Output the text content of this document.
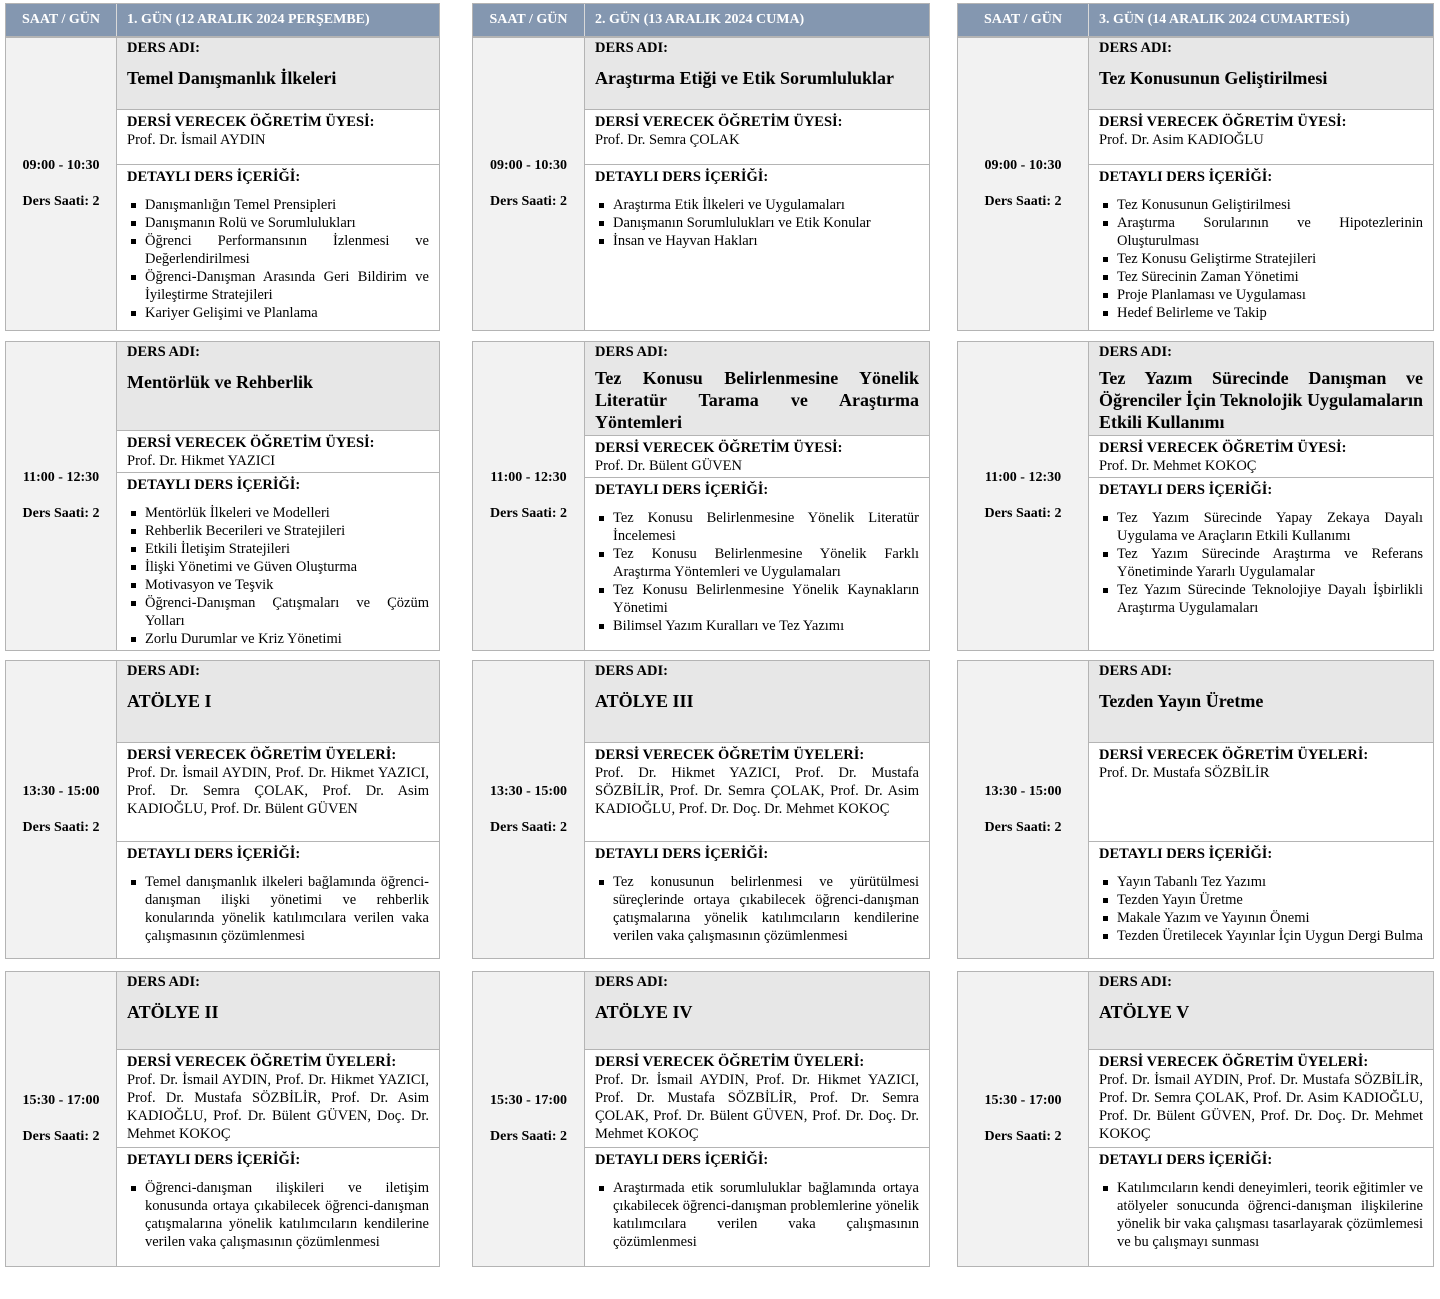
SAAT / GÜN	1. GÜN (12 ARALIK 2024 PERŞEMBE)	SAAT / GÜN	2. GÜN (13 ARALIK 2024 CUMA)	SAAT / GÜN	3. GÜN (14 ARALIK 2024 CUMARTESİ)
09:00 - 10:30
Ders Saati: 2
DERS ADI:
Temel Danışmanlık İlkeleri
DERSİ VERECEK ÖĞRETİM ÜYESİ:
Prof. Dr. İsmail AYDIN
DETAYLI DERS İÇERİĞİ:
Danışmanlığın Temel Prensipleri
Danışmanın Rolü ve Sorumlulukları
Öğrenci Performansının İzlenmesi ve Değerlendirilmesi
Öğrenci-Danışman Arasında Geri Bildirim ve İyileştirme Stratejileri
Kariyer Gelişimi ve Planlama
11:00 - 12:30
Ders Saati: 2
DERS ADI:
Mentörlük ve Rehberlik
DERSİ VERECEK ÖĞRETİM ÜYESİ:
Prof. Dr. Hikmet YAZICI
DETAYLI DERS İÇERİĞİ:
Mentörlük İlkeleri ve Modelleri
Rehberlik Becerileri ve Stratejileri
Etkili İletişim Stratejileri
İlişki Yönetimi ve Güven Oluşturma
Motivasyon ve Teşvik
Öğrenci-Danışman Çatışmaları ve Çözüm Yolları
Zorlu Durumlar ve Kriz Yönetimi
13:30 - 15:00
Ders Saati: 2
DERS ADI:
ATÖLYE I
DERSİ VERECEK ÖĞRETİM ÜYELERİ:
Prof. Dr. İsmail AYDIN, Prof. Dr. Hikmet YAZICI, Prof. Dr. Semra ÇOLAK, Prof. Dr. Asim KADIOĞLU, Prof. Dr. Bülent GÜVEN
DETAYLI DERS İÇERİĞİ:
Temel danışmanlık ilkeleri bağlamında öğrenci-danışman ilişki yönetimi ve rehberlik konularında yönelik katılımcılara verilen vaka çalışmasının çözümlenmesi
15:30 - 17:00
Ders Saati: 2
DERS ADI:
ATÖLYE II
DERSİ VERECEK ÖĞRETİM ÜYELERİ:
Prof. Dr. İsmail AYDIN, Prof. Dr. Hikmet YAZICI, Prof. Dr. Mustafa SÖZBİLİR, Prof. Dr. Asim KADIOĞLU, Prof. Dr. Bülent GÜVEN, Doç. Dr. Mehmet KOKOÇ
DETAYLI DERS İÇERİĞİ:
Öğrenci-danışman ilişkileri ve iletişim konusunda ortaya çıkabilecek öğrenci-danışman çatışmalarına yönelik katılımcıların kendilerine verilen vaka çalışmasının çözümlenmesi
09:00 - 10:30
Ders Saati: 2
DERS ADI:
Araştırma Etiği ve Etik Sorumluluklar
DERSİ VERECEK ÖĞRETİM ÜYESİ:
Prof. Dr. Semra ÇOLAK
DETAYLI DERS İÇERİĞİ:
Araştırma Etik İlkeleri ve Uygulamaları
Danışmanın Sorumlulukları ve Etik Konular
İnsan ve Hayvan Hakları
11:00 - 12:30
Ders Saati: 2
DERS ADI:
Tez Konusu Belirlenmesine Yönelik Literatür Tarama ve Araştırma Yöntemleri
DERSİ VERECEK ÖĞRETİM ÜYESİ:
Prof. Dr. Bülent GÜVEN
DETAYLI DERS İÇERİĞİ:
Tez Konusu Belirlenmesine Yönelik Literatür İncelemesi
Tez Konusu Belirlenmesine Yönelik Farklı Araştırma Yöntemleri ve Uygulamaları
Tez Konusu Belirlenmesine Yönelik Kaynakların Yönetimi
Bilimsel Yazım Kuralları ve Tez Yazımı
13:30 - 15:00
Ders Saati: 2
DERS ADI:
ATÖLYE III
DERSİ VERECEK ÖĞRETİM ÜYELERİ:
Prof. Dr. Hikmet YAZICI, Prof. Dr. Mustafa SÖZBİLİR, Prof. Dr. Semra ÇOLAK, Prof. Dr. Asim KADIOĞLU, Prof. Dr. Doç. Dr. Mehmet KOKOÇ
DETAYLI DERS İÇERİĞİ:
Tez konusunun belirlenmesi ve yürütülmesi süreçlerinde ortaya çıkabilecek öğrenci-danışman çatışmalarına yönelik katılımcıların kendilerine verilen vaka çalışmasının çözümlenmesi
15:30 - 17:00
Ders Saati: 2
DERS ADI:
ATÖLYE IV
DERSİ VERECEK ÖĞRETİM ÜYELERİ:
Prof. Dr. İsmail AYDIN, Prof. Dr. Hikmet YAZICI, Prof. Dr. Mustafa SÖZBİLİR, Prof. Dr. Semra ÇOLAK, Prof. Dr. Bülent GÜVEN, Prof. Dr. Doç. Dr. Mehmet KOKOÇ
DETAYLI DERS İÇERİĞİ:
Araştırmada etik sorumluluklar bağlamında ortaya çıkabilecek öğrenci-danışman problemlerine yönelik katılımcılara verilen vaka çalışmasının çözümlenmesi
09:00 - 10:30
Ders Saati: 2
DERS ADI:
Tez Konusunun Geliştirilmesi
DERSİ VERECEK ÖĞRETİM ÜYESİ:
Prof. Dr. Asim KADIOĞLU
DETAYLI DERS İÇERİĞİ:
Tez Konusunun Geliştirilmesi
Araştırma Sorularının ve Hipotezlerinin Oluşturulması
Tez Konusu Geliştirme Stratejileri
Tez Sürecinin Zaman Yönetimi
Proje Planlaması ve Uygulaması
Hedef Belirleme ve Takip
11:00 - 12:30
Ders Saati: 2
DERS ADI:
Tez Yazım Sürecinde Danışman ve Öğrenciler İçin Teknolojik Uygulamaların Etkili Kullanımı
DERSİ VERECEK ÖĞRETİM ÜYESİ:
Prof. Dr. Mehmet KOKOÇ
DETAYLI DERS İÇERİĞİ:
Tez Yazım Sürecinde Yapay Zekaya Dayalı Uygulama ve Araçların Etkili Kullanımı
Tez Yazım Sürecinde Araştırma ve Referans Yönetiminde Yararlı Uygulamalar
Tez Yazım Sürecinde Teknolojiye Dayalı İşbirlikli Araştırma Uygulamaları
13:30 - 15:00
Ders Saati: 2
DERS ADI:
Tezden Yayın Üretme
DERSİ VERECEK ÖĞRETİM ÜYELERİ:
Prof. Dr. Mustafa SÖZBİLİR
DETAYLI DERS İÇERİĞİ:
Yayın Tabanlı Tez Yazımı
Tezden Yayın Üretme
Makale Yazım ve Yayının Önemi
Tezden Üretilecek Yayınlar İçin Uygun Dergi Bulma
15:30 - 17:00
Ders Saati: 2
DERS ADI:
ATÖLYE V
DERSİ VERECEK ÖĞRETİM ÜYELERİ:
Prof. Dr. İsmail AYDIN, Prof. Dr. Mustafa SÖZBİLİR, Prof. Dr. Semra ÇOLAK, Prof. Dr. Asim KADIOĞLU, Prof. Dr. Bülent GÜVEN, Prof. Dr. Doç. Dr. Mehmet KOKOÇ
DETAYLI DERS İÇERİĞİ:
Katılımcıların kendi deneyimleri, teorik eğitimler ve atölyeler sonucunda öğrenci-danışman ilişkilerine yönelik bir vaka çalışması tasarlayarak çözümlemesi ve bu çalışmayı sunması
